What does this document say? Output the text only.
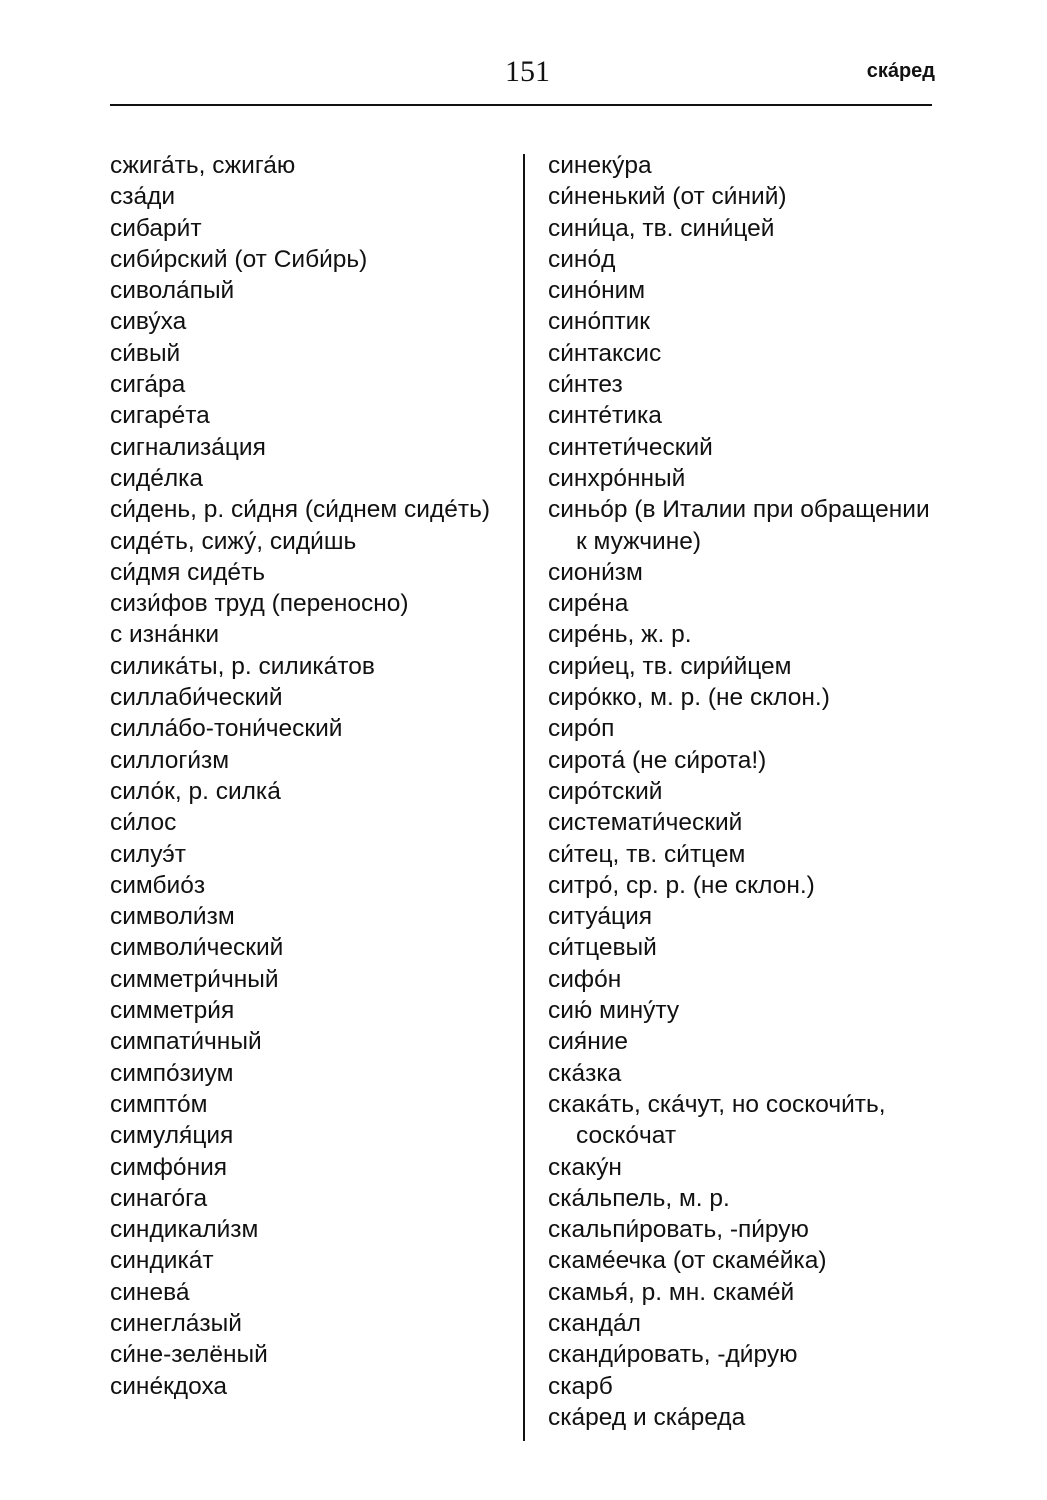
151	ска́ред
сжига́ть, сжига́ю
сза́ди
сибари́т
сиби́рский (от Сиби́рь)
сивола́пый
сиву́ха
си́вый
сига́ра
сигаре́та
сигнализа́ция
сиде́лка
си́день, р. си́дня (си́днем сиде́ть)
сиде́ть, сижу́, сиди́шь
си́дмя сиде́ть
сизи́фов труд (переносно)
с изна́нки
силика́ты, р. силика́тов
силлаби́ческий
силла́бо-тони́ческий
силлоги́зм
сило́к, р. силка́
си́лос
силуэ́т
симбио́з
символи́зм
символи́ческий
симметри́чный
симметри́я
симпати́чный
симпо́зиум
симпто́м
симуля́ция
симфо́ния
синаго́га
синдикали́зм
синдика́т
синева́
синегла́зый
си́не-зелёный
сине́кдоха
синеку́ра
си́ненький (от си́ний)
сини́ца, тв. сини́цей
сино́д
сино́ним
сино́птик
си́нтаксис
си́нтез
синте́тика
синтети́ческий
синхро́нный
синьо́р (в Италии при обращении к мужчине)
сиони́зм
сире́на
сире́нь, ж. р.
сири́ец, тв. сири́йцем
сиро́кко, м. р. (не склон.)
сиро́п
сирота́ (не си́рота!)
сиро́тский
системати́ческий
си́тец, тв. си́тцем
ситро́, ср. р. (не склон.)
ситуа́ция
си́тцевый
сифо́н
сию́ мину́ту
сия́ние
ска́зка
скака́ть, ска́чут, но соскочи́ть, соско́чат
скаку́н
ска́льпель, м. р.
скальпи́ровать, -пи́рую
скаме́ечка (от скаме́йка)
скамья́, р. мн. скаме́й
сканда́л
сканди́ровать, -ди́рую
скарб
ска́ред и ска́реда
